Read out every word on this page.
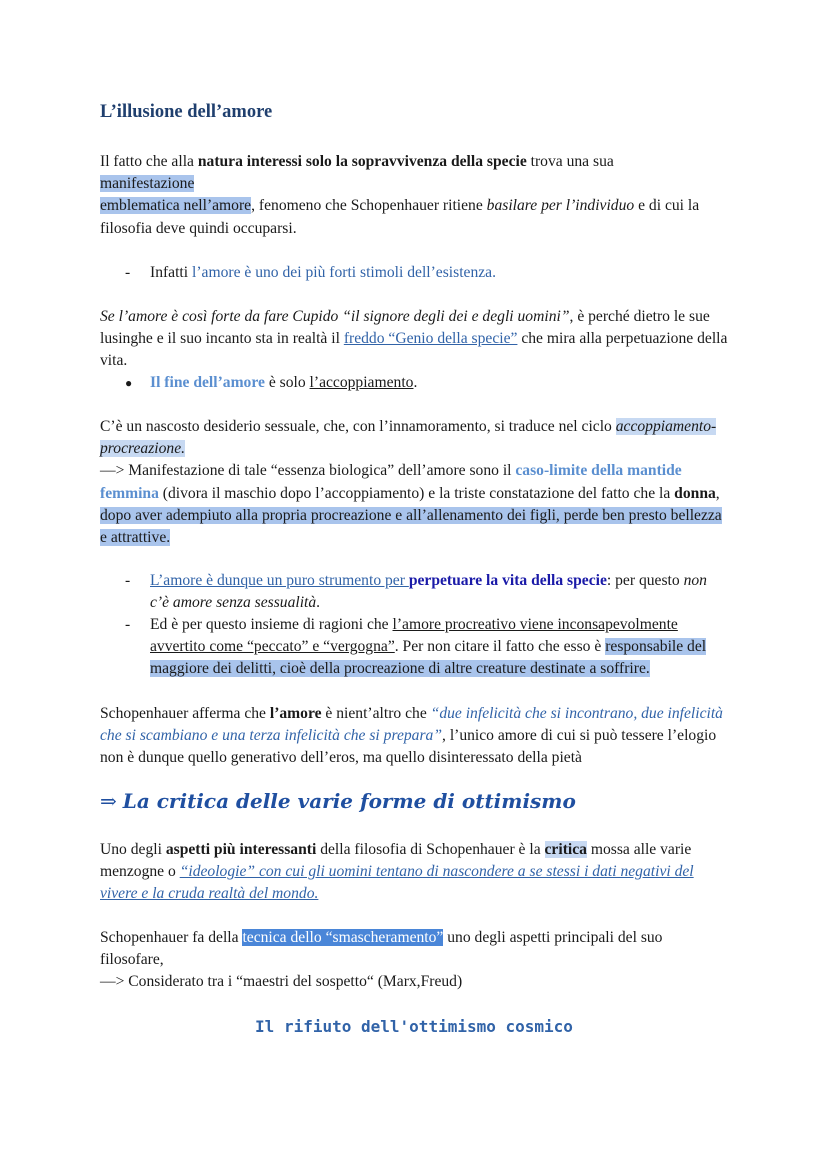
L’illusione dell’amore

Il fatto che alla natura interessi solo la sopravvivenza della specie trova una sua
manifestazione
emblematica nell’amore, fenomeno che Schopenhauer ritiene basilare per l’individuo e di cui la filosofia deve quindi occuparsi.

- Infatti l’amore è uno dei più forti stimoli dell’esistenza.

Se l’amore è così forte da fare Cupido “il signore degli dei e degli uomini”, è perché dietro le sue lusinghe e il suo incanto sta in realtà il freddo “Genio della specie” che mira alla perpetuazione della vita.

● Il fine dell’amore è solo l’accoppiamento.

C’è un nascosto desiderio sessuale, che, con l’innamoramento, si traduce nel ciclo accoppiamento-procreazione.
—> Manifestazione di tale “essenza biologica” dell’amore sono il caso-limite della mantide femmina (divora il maschio dopo l’accoppiamento) e la triste constatazione del fatto che la donna, dopo aver adempiuto alla propria procreazione e all’allenamento dei figli, perde ben presto bellezza e attrattive.

- L’amore è dunque un puro strumento per perpetuare la vita della specie: per questo non c’è amore senza sessualità.
- Ed è per questo insieme di ragioni che l’amore procreativo viene inconsapevolmente avvertito come “peccato” e “vergogna”. Per non citare il fatto che esso è responsabile del maggiore dei delitti, cioè della procreazione di altre creature destinate a soffrire.

Schopenhauer afferma che l’amore è nient’altro che “due infelicità che si incontrano, due infelicità che si scambiano e una terza infelicità che si prepara”, l’unico amore di cui si può tessere l’elogio non è dunque quello generativo dell’eros, ma quello disinteressato della pietà

⇒ La critica delle varie forme di ottimismo

Uno degli aspetti più interessanti della filosofia di Schopenhauer è la critica mossa alle varie menzogne o “ideologie” con cui gli uomini tentano di nascondere a se stessi i dati negativi del vivere e la cruda realtà del mondo.

Schopenhauer fa della tecnica dello “smascheramento” uno degli aspetti principali del suo filosofare,
—> Considerato tra i “maestri del sospetto“ (Marx,Freud)

Il rifiuto dell'ottimismo cosmico
